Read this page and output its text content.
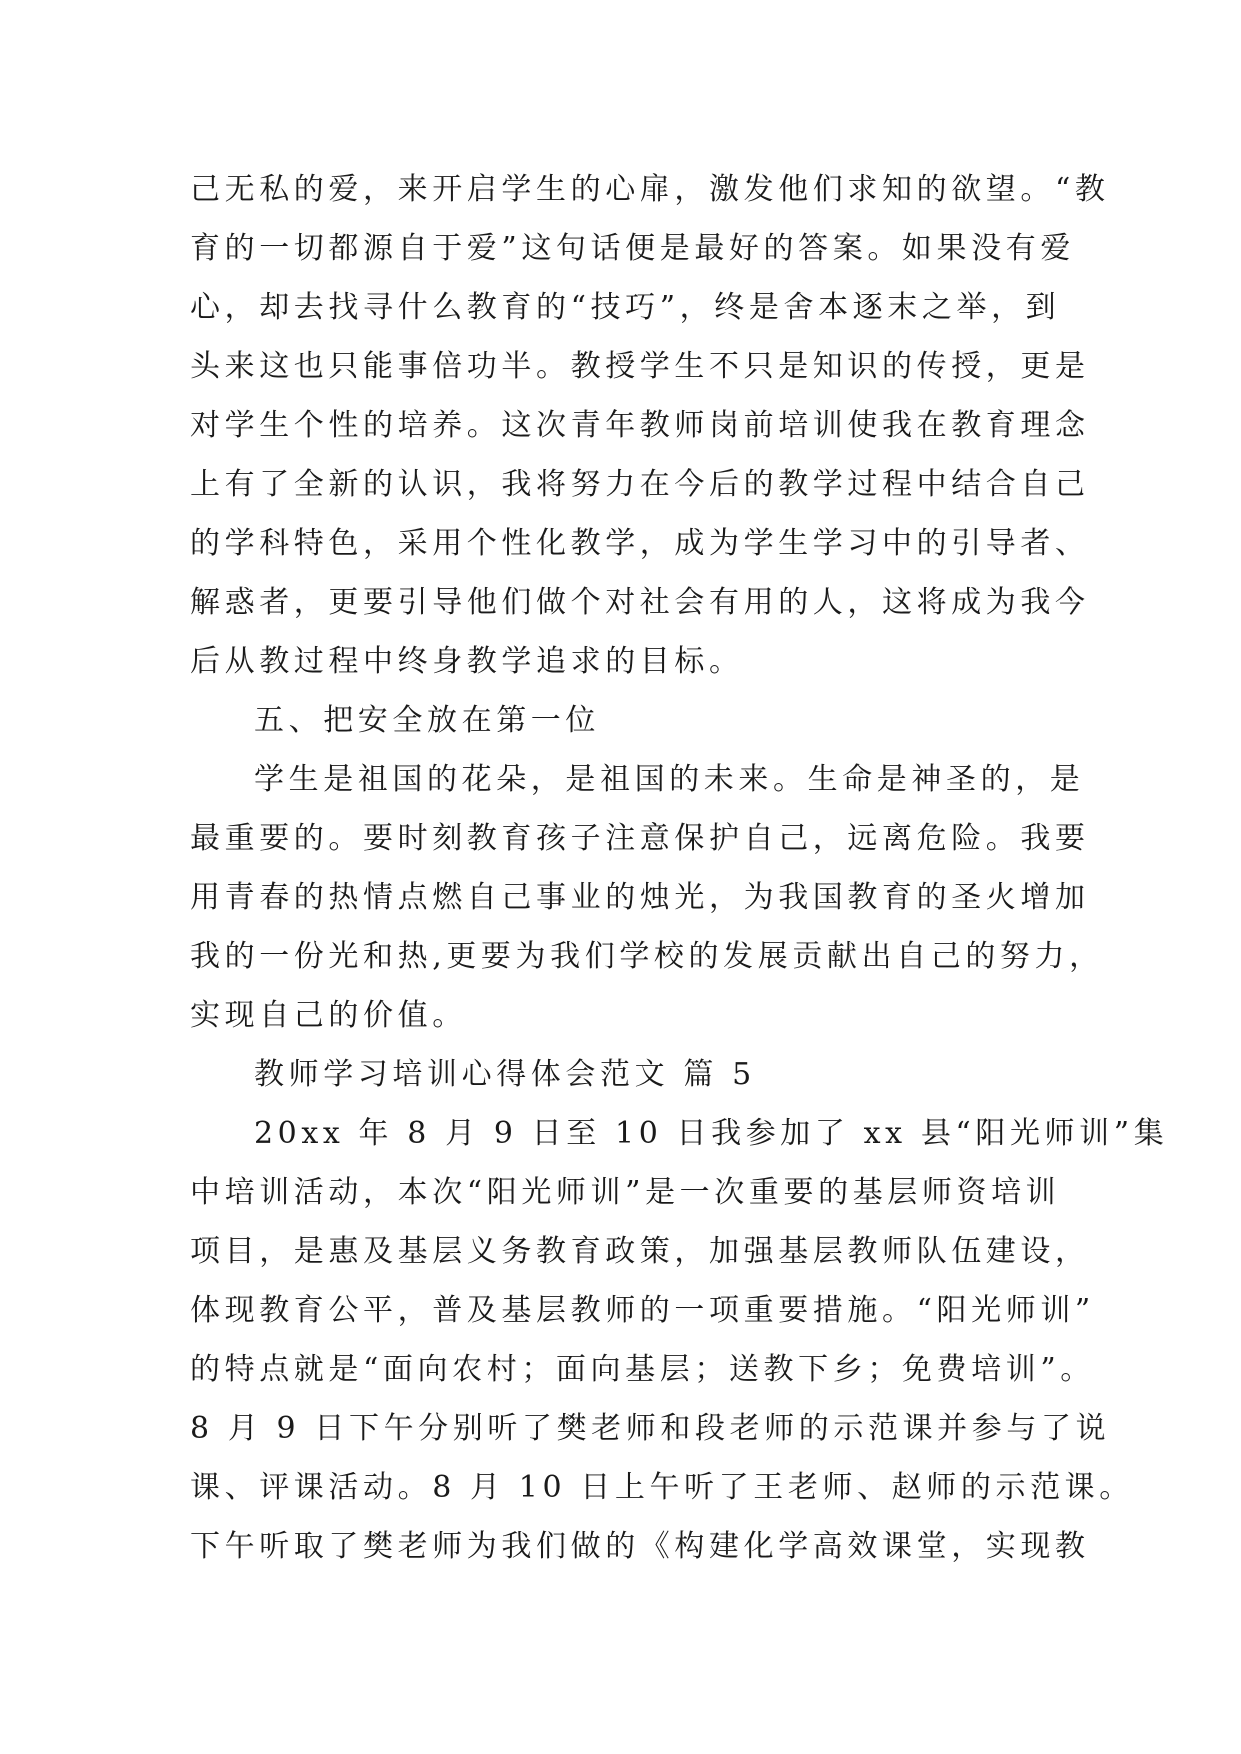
己无私的爱，来开启学生的心扉，激发他们求知的欲望。“教

育的一切都源自于爱”这句话便是最好的答案。如果没有爱

心，却去找寻什么教育的“技巧”，终是舍本逐末之举，到

头来这也只能事倍功半。教授学生不只是知识的传授，更是

对学生个性的培养。这次青年教师岗前培训使我在教育理念

上有了全新的认识，我将努力在今后的教学过程中结合自己

的学科特色，采用个性化教学，成为学生学习中的引导者、

解惑者，更要引导他们做个对社会有用的人，这将成为我今

后从教过程中终身教学追求的目标。

五、把安全放在第一位

学生是祖国的花朵，是祖国的未来。生命是神圣的，是

最重要的。要时刻教育孩子注意保护自己，远离危险。我要

用青春的热情点燃自己事业的烛光，为我国教育的圣火增加

我的一份光和热,更要为我们学校的发展贡献出自己的努力，

实现自己的价值。

教师学习培训心得体会范文 篇 5

20xx 年 8 月 9 日至 10 日我参加了 xx 县“阳光师训”集

中培训活动，本次“阳光师训”是一次重要的基层师资培训

项目，是惠及基层义务教育政策，加强基层教师队伍建设，

体现教育公平，普及基层教师的一项重要措施。“阳光师训”

的特点就是“面向农村；面向基层；送教下乡；免费培训”。

8 月 9 日下午分别听了樊老师和段老师的示范课并参与了说

课、评课活动。8 月 10 日上午听了王老师、赵师的示范课。

下午听取了樊老师为我们做的《构建化学高效课堂，实现教
